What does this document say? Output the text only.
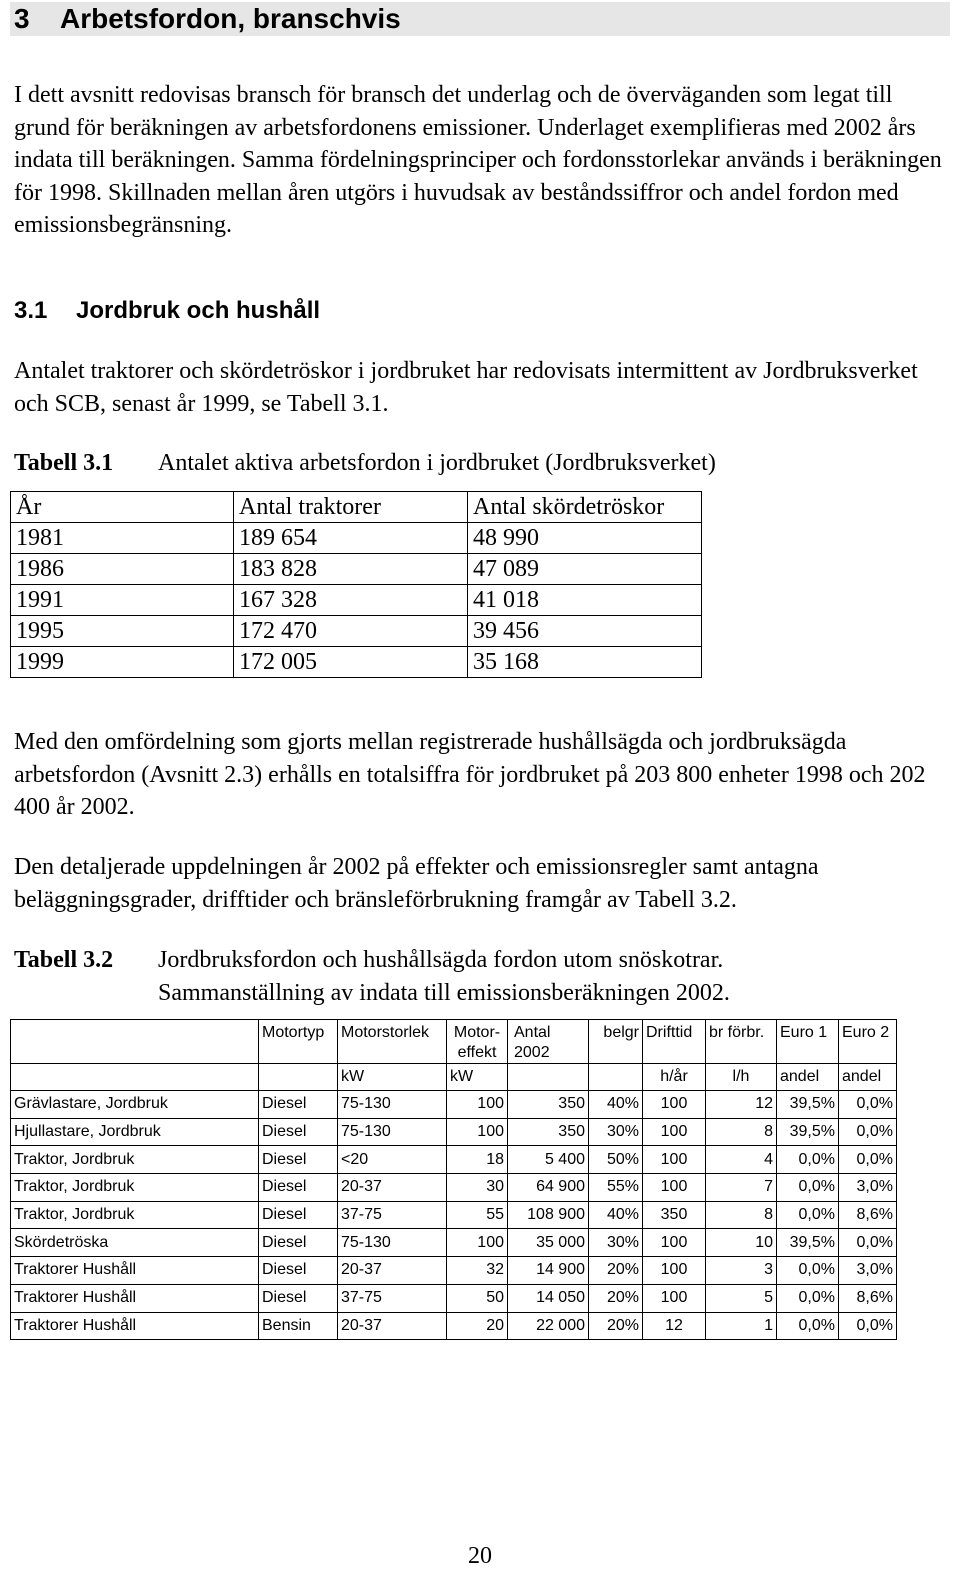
3 Arbetsfordon, branschvis

I dett avsnitt redovisas bransch för bransch det underlag och de överväganden som legat till grund för beräkningen av arbetsfordonens emissioner. Underlaget exemplifieras med 2002 års indata till beräkningen. Samma fördelningsprinciper och fordonsstorlekar används i beräkningen för 1998. Skillnaden mellan åren utgörs i huvudsak av beståndssiffror och andel fordon med emissionsbegränsning.

3.1 Jordbruk och hushåll

Antalet traktorer och skördetröskor i jordbruket har redovisats intermittent av Jordbruksverket och SCB, senast år 1999, se Tabell 3.1.

Tabell 3.1 Antalet aktiva arbetsfordon i jordbruket (Jordbruksverket)
År	Antal traktorer	Antal skördetröskor
1981	189 654	48 990
1986	183 828	47 089
1991	167 328	41 018
1995	172 470	39 456
1999	172 005	35 168

Med den omfördelning som gjorts mellan registrerade hushållsägda och jordbruksägda arbetsfordon (Avsnitt 2.3) erhålls en totalsiffra för jordbruket på 203 800 enheter 1998 och 202 400 år 2002.

Den detaljerade uppdelningen år 2002 på effekter och emissionsregler samt antagna beläggningsgrader, drifftider och bränsleförbrukning framgår av Tabell 3.2.

Tabell 3.2 Jordbruksfordon och hushållsägda fordon utom snöskotrar.
Sammanställning av indata till emissionsberäkningen 2002.
	Motortyp	Motorstorlek	Motor-effekt	Antal 2002	belgr	Drifttid	br förbr.	Euro 1	Euro 2
		kW	kW			h/år	l/h	andel	andel
Grävlastare, Jordbruk	Diesel	75-130	100	350	40%	100	12	39,5%	0,0%
Hjullastare, Jordbruk	Diesel	75-130	100	350	30%	100	8	39,5%	0,0%
Traktor, Jordbruk	Diesel	<20	18	5 400	50%	100	4	0,0%	0,0%
Traktor, Jordbruk	Diesel	20-37	30	64 900	55%	100	7	0,0%	3,0%
Traktor, Jordbruk	Diesel	37-75	55	108 900	40%	350	8	0,0%	8,6%
Skördetröska	Diesel	75-130	100	35 000	30%	100	10	39,5%	0,0%
Traktorer Hushåll	Diesel	20-37	32	14 900	20%	100	3	0,0%	3,0%
Traktorer Hushåll	Diesel	37-75	50	14 050	20%	100	5	0,0%	8,6%
Traktorer Hushåll	Bensin	20-37	20	22 000	20%	12	1	0,0%	0,0%
20
